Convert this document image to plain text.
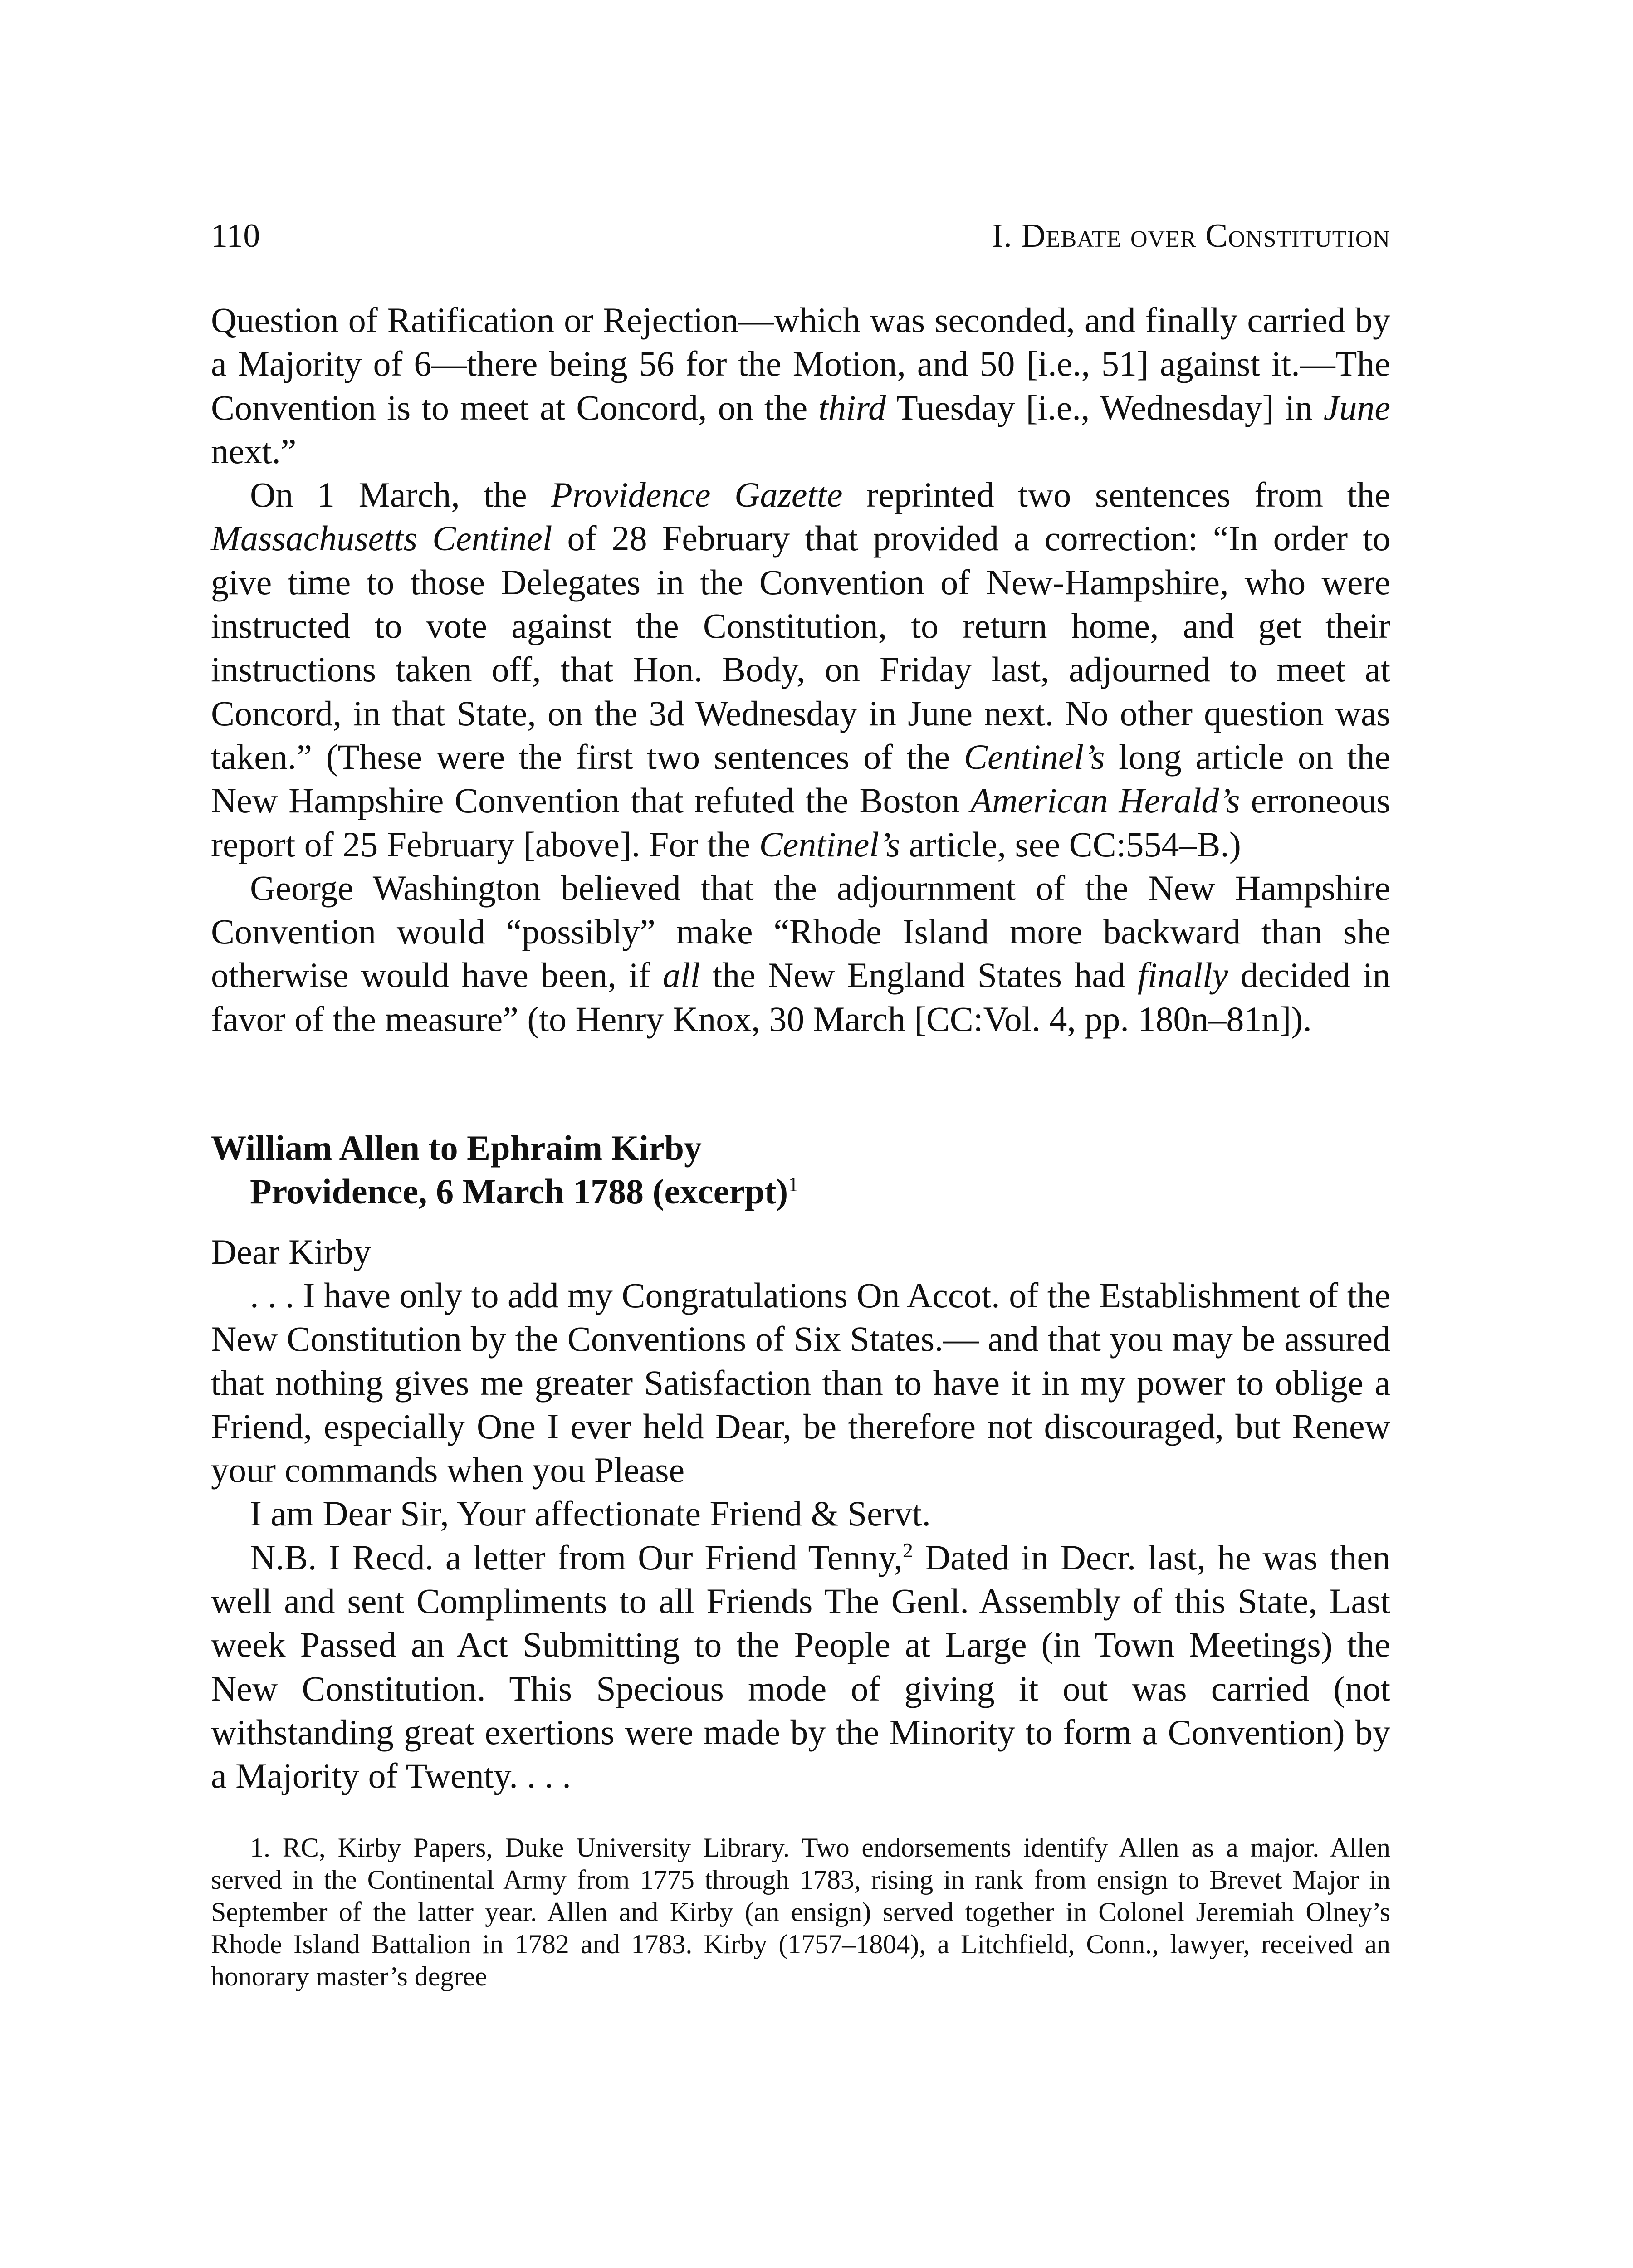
110	I. Debate over Constitution

Question of Ratification or Rejection—which was seconded, and finally carried by a Majority of 6—there being 56 for the Motion, and 50 [i.e., 51] against it.—The Convention is to meet at Concord, on the third Tuesday [i.e., Wednesday] in June next.”

On 1 March, the Providence Gazette reprinted two sentences from the Massachusetts Centinel of 28 February that provided a correction: “In order to give time to those Delegates in the Convention of New-Hampshire, who were instructed to vote against the Constitution, to return home, and get their instructions taken off, that Hon. Body, on Friday last, adjourned to meet at Concord, in that State, on the 3d Wednesday in June next. No other question was taken.” (These were the first two sentences of the Centinel’s long article on the New Hampshire Convention that refuted the Boston American Herald’s erroneous report of 25 February [above]. For the Centinel’s article, see CC:554–B.)

George Washington believed that the adjournment of the New Hampshire Convention would “possibly” make “Rhode Island more backward than she otherwise would have been, if all the New England States had finally decided in favor of the measure” (to Henry Knox, 30 March [CC:Vol. 4, pp. 180n–81n]).

William Allen to Ephraim Kirby
Providence, 6 March 1788 (excerpt)$^1$

Dear Kirby

. . . I have only to add my Congratulations On Accot. of the Establishment of the New Constitution by the Conventions of Six States.— and that you may be assured that nothing gives me greater Satisfaction than to have it in my power to oblige a Friend, especially One I ever held Dear, be therefore not discouraged, but Renew your commands when you Please

I am Dear Sir, Your affectionate Friend & Servt.

N.B. I Recd. a letter from Our Friend Tenny,$^2$ Dated in Decr. last, he was then well and sent Compliments to all Friends The Genl. Assembly of this State, Last week Passed an Act Submitting to the People at Large (in Town Meetings) the New Constitution. This Specious mode of giving it out was carried (not withstanding great exertions were made by the Minority to form a Convention) by a Majority of Twenty. . . .

1. RC, Kirby Papers, Duke University Library. Two endorsements identify Allen as a major. Allen served in the Continental Army from 1775 through 1783, rising in rank from ensign to Brevet Major in September of the latter year. Allen and Kirby (an ensign) served together in Colonel Jeremiah Olney’s Rhode Island Battalion in 1782 and 1783. Kirby (1757–1804), a Litchfield, Conn., lawyer, received an honorary master’s degree
